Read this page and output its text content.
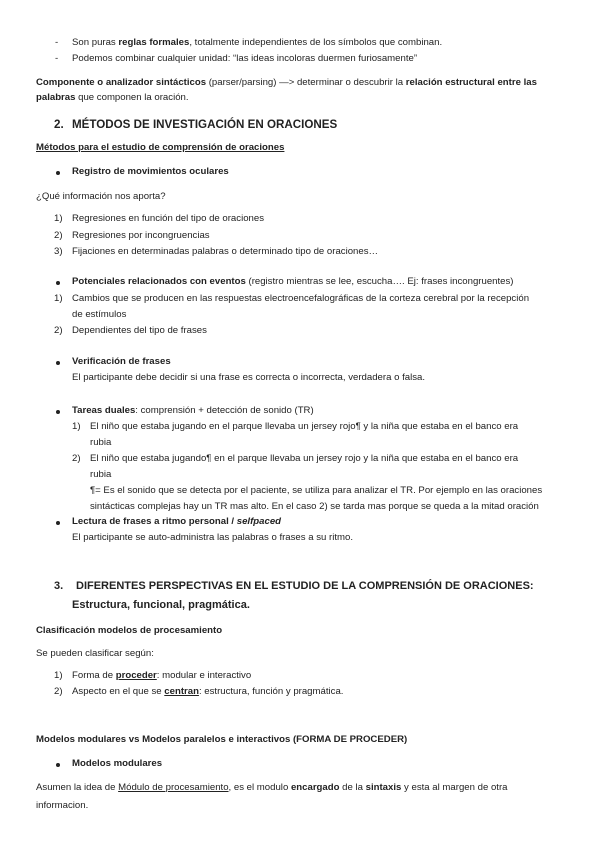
- Son puras reglas formales, totalmente independientes de los símbolos que combinan.
- Podemos combinar cualquier unidad: “las ideas incoloras duermen furiosamente”
Componente o analizador sintácticos (parser/parsing) —> determinar o descubrir la relación estructural entre las
palabras que componen la oración.
2. MÉTODOS DE INVESTIGACIÓN EN ORACIONES
Métodos para el estudio de comprensión de oraciones
Registro de movimientos oculares
¿Qué información nos aporta?
1) Regresiones en función del tipo de oraciones
2) Regresiones por incongruencias
3) Fijaciones en determinadas palabras o determinado tipo de oraciones…
Potenciales relacionados con eventos (registro mientras se lee, escucha…. Ej: frases incongruentes)
1) Cambios que se producen en las respuestas electroencefalográficas de la corteza cerebral por la recepción
de estímulos
2) Dependientes del tipo de frases
Verificación de frases
El participante debe decidir si una frase es correcta o incorrecta, verdadera o falsa.
Tareas duales: comprensión + detección de sonido (TR)
1) El niño que estaba jugando en el parque llevaba un jersey rojo¶ y la niña que estaba en el banco era
rubia
2) El niño que estaba jugando¶ en el parque llevaba un jersey rojo y la niña que estaba en el banco era
rubia
¶= Es el sonido que se detecta por el paciente, se utiliza para analizar el TR. Por ejemplo en las oraciones
sintácticas complejas hay un TR mas alto. En el caso 2) se tarda mas porque se queda a la mitad oración
Lectura de frases a ritmo personal / selfpaced
El participante se auto-administra las palabras o frases a su ritmo.
3. DIFERENTES PERSPECTIVAS EN EL ESTUDIO DE LA COMPRENSIÓN DE ORACIONES:
Estructura, funcional, pragmática.
Clasificación modelos de procesamiento
Se pueden clasificar según:
1) Forma de proceder: modular e interactivo
2) Aspecto en el que se centran: estructura, función y pragmática.
Modelos modulares vs Modelos paralelos e interactivos (FORMA DE PROCEDER)
Modelos modulares
Asumen la idea de Módulo de procesamiento, es el modulo encargado de la sintaxis y esta al margen de otra
informacion.
